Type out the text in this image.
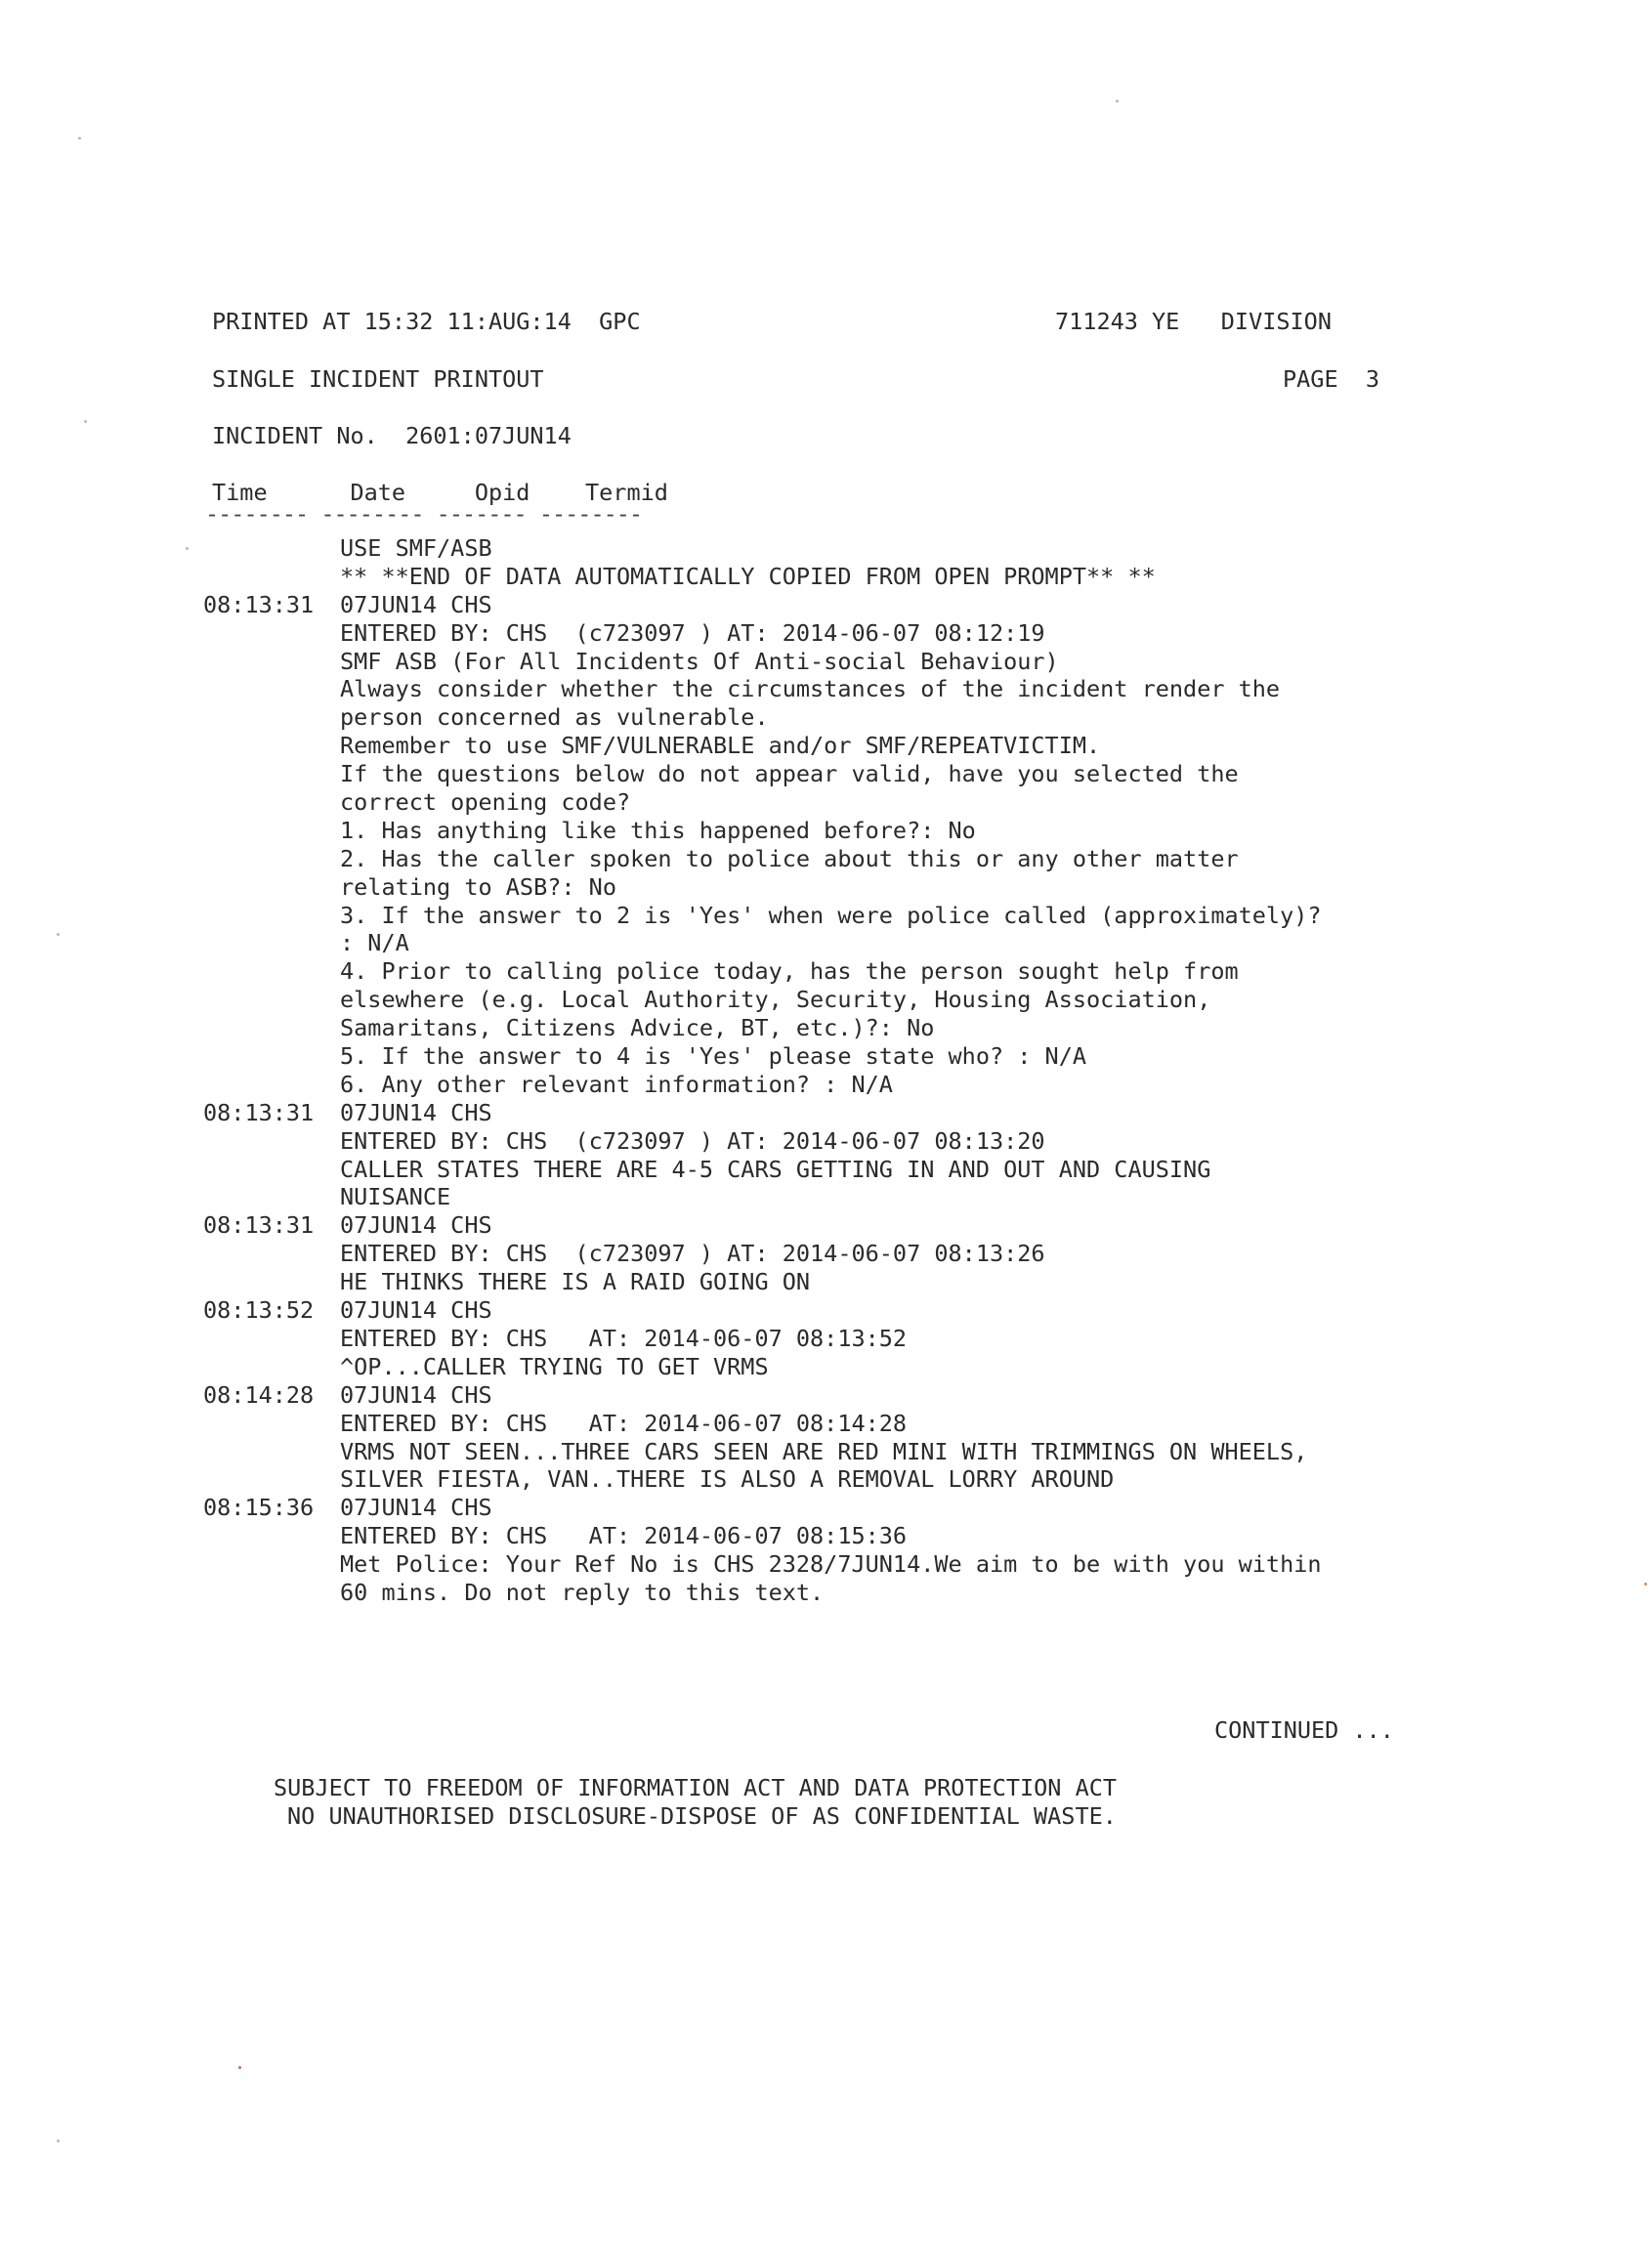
PRINTED AT 15:32 11:AUG:14  GPC	711243 YE   DIVISION
SINGLE INCIDENT PRINTOUT	PAGE  3
INCIDENT No.  2601:07JUN14
Time      Date     Opid    Termid
-------- -------- ------- --------
USE SMF/ASB
** **END OF DATA AUTOMATICALLY COPIED FROM OPEN PROMPT** **
08:13:31	07JUN14 CHS
ENTERED BY: CHS  (c723097 ) AT: 2014-06-07 08:12:19
SMF ASB (For All Incidents Of Anti-social Behaviour)
Always consider whether the circumstances of the incident render the
person concerned as vulnerable.
Remember to use SMF/VULNERABLE and/or SMF/REPEATVICTIM.
If the questions below do not appear valid, have you selected the
correct opening code?
1. Has anything like this happened before?: No
2. Has the caller spoken to police about this or any other matter
relating to ASB?: No
3. If the answer to 2 is 'Yes' when were police called (approximately)?
: N/A
4. Prior to calling police today, has the person sought help from
elsewhere (e.g. Local Authority, Security, Housing Association,
Samaritans, Citizens Advice, BT, etc.)?: No
5. If the answer to 4 is 'Yes' please state who? : N/A
6. Any other relevant information? : N/A
08:13:31	07JUN14 CHS
ENTERED BY: CHS  (c723097 ) AT: 2014-06-07 08:13:20
CALLER STATES THERE ARE 4-5 CARS GETTING IN AND OUT AND CAUSING
NUISANCE
08:13:31	07JUN14 CHS
ENTERED BY: CHS  (c723097 ) AT: 2014-06-07 08:13:26
HE THINKS THERE IS A RAID GOING ON
08:13:52	07JUN14 CHS
ENTERED BY: CHS   AT: 2014-06-07 08:13:52
^OP...CALLER TRYING TO GET VRMS
08:14:28	07JUN14 CHS
ENTERED BY: CHS   AT: 2014-06-07 08:14:28
VRMS NOT SEEN...THREE CARS SEEN ARE RED MINI WITH TRIMMINGS ON WHEELS,
SILVER FIESTA, VAN..THERE IS ALSO A REMOVAL LORRY AROUND
08:15:36	07JUN14 CHS
ENTERED BY: CHS   AT: 2014-06-07 08:15:36
Met Police: Your Ref No is CHS 2328/7JUN14.We aim to be with you within
60 mins. Do not reply to this text.
CONTINUED ...
SUBJECT TO FREEDOM OF INFORMATION ACT AND DATA PROTECTION ACT
NO UNAUTHORISED DISCLOSURE-DISPOSE OF AS CONFIDENTIAL WASTE.
